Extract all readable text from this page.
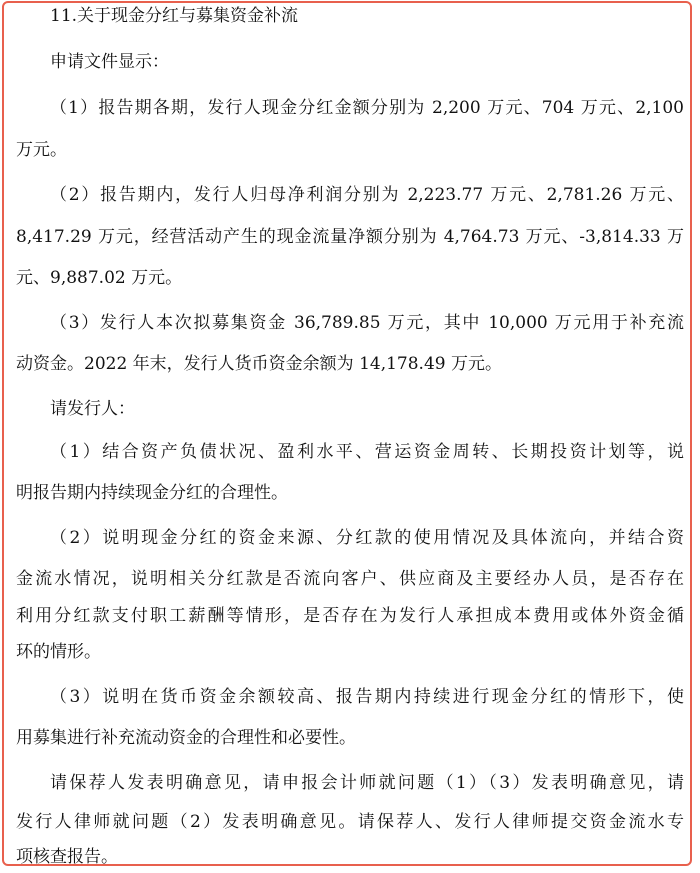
11.关于现金分红与募集资金补流
申请文件显示：
（1）报告期各期，发行人现金分红金额分别为 2,200 万元、704 万元、2,100
万元。
（2）报告期内，发行人归母净利润分别为 2,223.77 万元、2,781.26 万元、
8,417.29 万元，经营活动产生的现金流量净额分别为 4,764.73 万元、-3,814.33 万
元、9,887.02 万元。
（3）发行人本次拟募集资金 36,789.85 万元，其中 10,000 万元用于补充流
动资金。2022 年末，发行人货币资金余额为 14,178.49 万元。
请发行人：
（1）结合资产负债状况、盈利水平、营运资金周转、长期投资计划等，说
明报告期内持续现金分红的合理性。
（2）说明现金分红的资金来源、分红款的使用情况及具体流向，并结合资
金流水情况，说明相关分红款是否流向客户、供应商及主要经办人员，是否存在
利用分红款支付职工薪酬等情形，是否存在为发行人承担成本费用或体外资金循
环的情形。
（3）说明在货币资金余额较高、报告期内持续进行现金分红的情形下，使
用募集进行补充流动资金的合理性和必要性。
请保荐人发表明确意见，请申报会计师就问题（1）（3）发表明确意见，请
发行人律师就问题（2）发表明确意见。请保荐人、发行人律师提交资金流水专
项核查报告。
